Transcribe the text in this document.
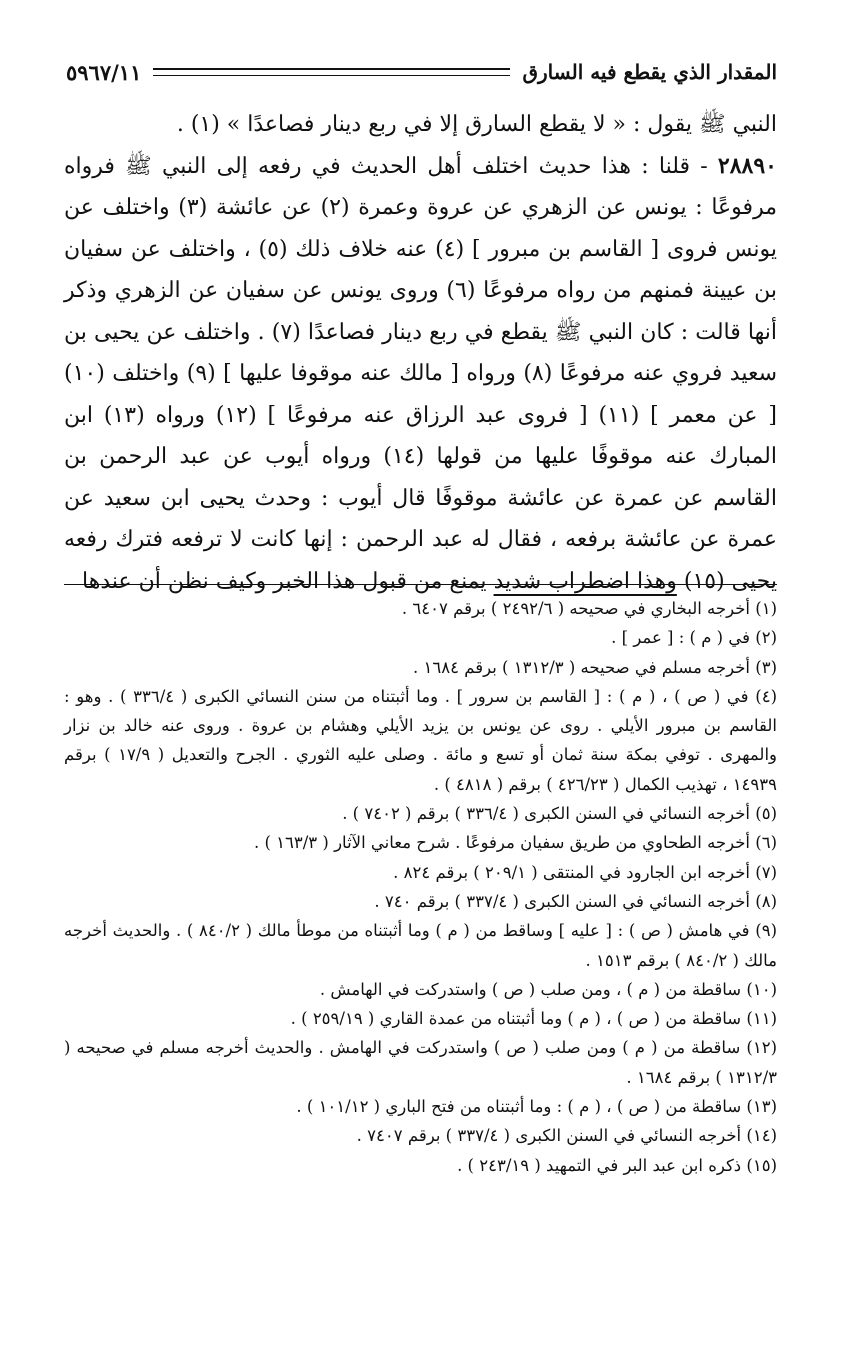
المقدار الذي يقطع فيه السارق
٥٩٦٧/١١

النبي ﷺ يقول : « لا يقطع السارق إلا في ربع دينار فصاعدًا » (١) .

٢٨٨٩٠ - قلنا : هذا حديث اختلف أهل الحديث في رفعه إلى النبي ﷺ فرواه مرفوعًا : يونس عن الزهري عن عروة وعمرة (٢) عن عائشة (٣) واختلف عن يونس فروى [ القاسم بن مبرور ] (٤) عنه خلاف ذلك (٥) ، واختلف عن سفيان بن عيينة فمنهم من رواه مرفوعًا (٦) وروى يونس عن سفيان عن الزهري وذكر أنها قالت : كان النبي ﷺ يقطع في ربع دينار فصاعدًا (٧) . واختلف عن يحيى بن سعيد فروي عنه مرفوعًا (٨) ورواه [ مالك عنه موقوفا عليها ] (٩) واختلف (١٠) [ عن معمر ] (١١) [ فروى عبد الرزاق عنه مرفوعًا ] (١٢) ورواه (١٣) ابن المبارك عنه موقوفًا عليها من قولها (١٤) ورواه أيوب عن عبد الرحمن بن القاسم عن عمرة عن عائشة موقوفًا قال أيوب : وحدث يحيى ابن سعيد عن عمرة عن عائشة برفعه ، فقال له عبد الرحمن : إنها كانت لا ترفعه فترك رفعه يحيى (١٥) وهذا اضطراب شديد يمنع من قبول هذا الخبر وكيف نظن أن عندها

(١) أخرجه البخاري في صحيحه ( ٢٤٩٢/٦ ) برقم ٦٤٠٧ .

(٢) في ( م ) : [ عمر ] .

(٣) أخرجه مسلم في صحيحه ( ١٣١٢/٣ ) برقم ١٦٨٤ .

(٤) في ( ص ) ، ( م ) : [ القاسم بن سرور ] . وما أثبتناه من سنن النسائي الكبرى ( ٣٣٦/٤ ) . وهو : القاسم بن مبرور الأيلي . روى عن يونس بن يزيد الأيلي وهشام بن عروة . وروى عنه خالد بن نزار والمهرى . توفي بمكة سنة ثمان أو تسع و مائة . وصلى عليه الثوري . الجرح والتعديل ( ١٧/٩ ) برقم ١٤٩٣٩ ، تهذيب الكمال ( ٤٢٦/٢٣ ) برقم ( ٤٨١٨ ) .

(٥) أخرجه النسائي في السنن الكبرى ( ٣٣٦/٤ ) برقم ( ٧٤٠٢ ) .

(٦) أخرجه الطحاوي من طريق سفيان مرفوعًا . شرح معاني الآثار ( ١٦٣/٣ ) .

(٧) أخرجه ابن الجارود في المنتقى ( ٢٠٩/١ ) برقم ٨٢٤ .

(٨) أخرجه النسائي في السنن الكبرى ( ٣٣٧/٤ ) برقم ٧٤٠ .

(٩) في هامش ( ص ) : [ عليه ] وساقط من ( م ) وما أثبتناه من موطأ مالك ( ٨٤٠/٢ ) . والحديث أخرجه مالك ( ٨٤٠/٢ ) برقم ١٥١٣ .

(١٠) ساقطة من ( م ) ، ومن صلب ( ص ) واستدركت في الهامش .

(١١) ساقطة من ( ص ) ، ( م ) وما أثبتناه من عمدة القاري ( ٢٥٩/١٩ ) .

(١٢) ساقطة من ( م ) ومن صلب ( ص ) واستدركت في الهامش . والحديث أخرجه مسلم في صحيحه ( ١٣١٢/٣ ) برقم ١٦٨٤ .

(١٣) ساقطة من ( ص ) ، ( م ) : وما أثبتناه من فتح الباري ( ١٠١/١٢ ) .

(١٤) أخرجه النسائي في السنن الكبرى ( ٣٣٧/٤ ) برقم ٧٤٠٧ .

(١٥) ذكره ابن عبد البر في التمهيد ( ٢٤٣/١٩ ) .
